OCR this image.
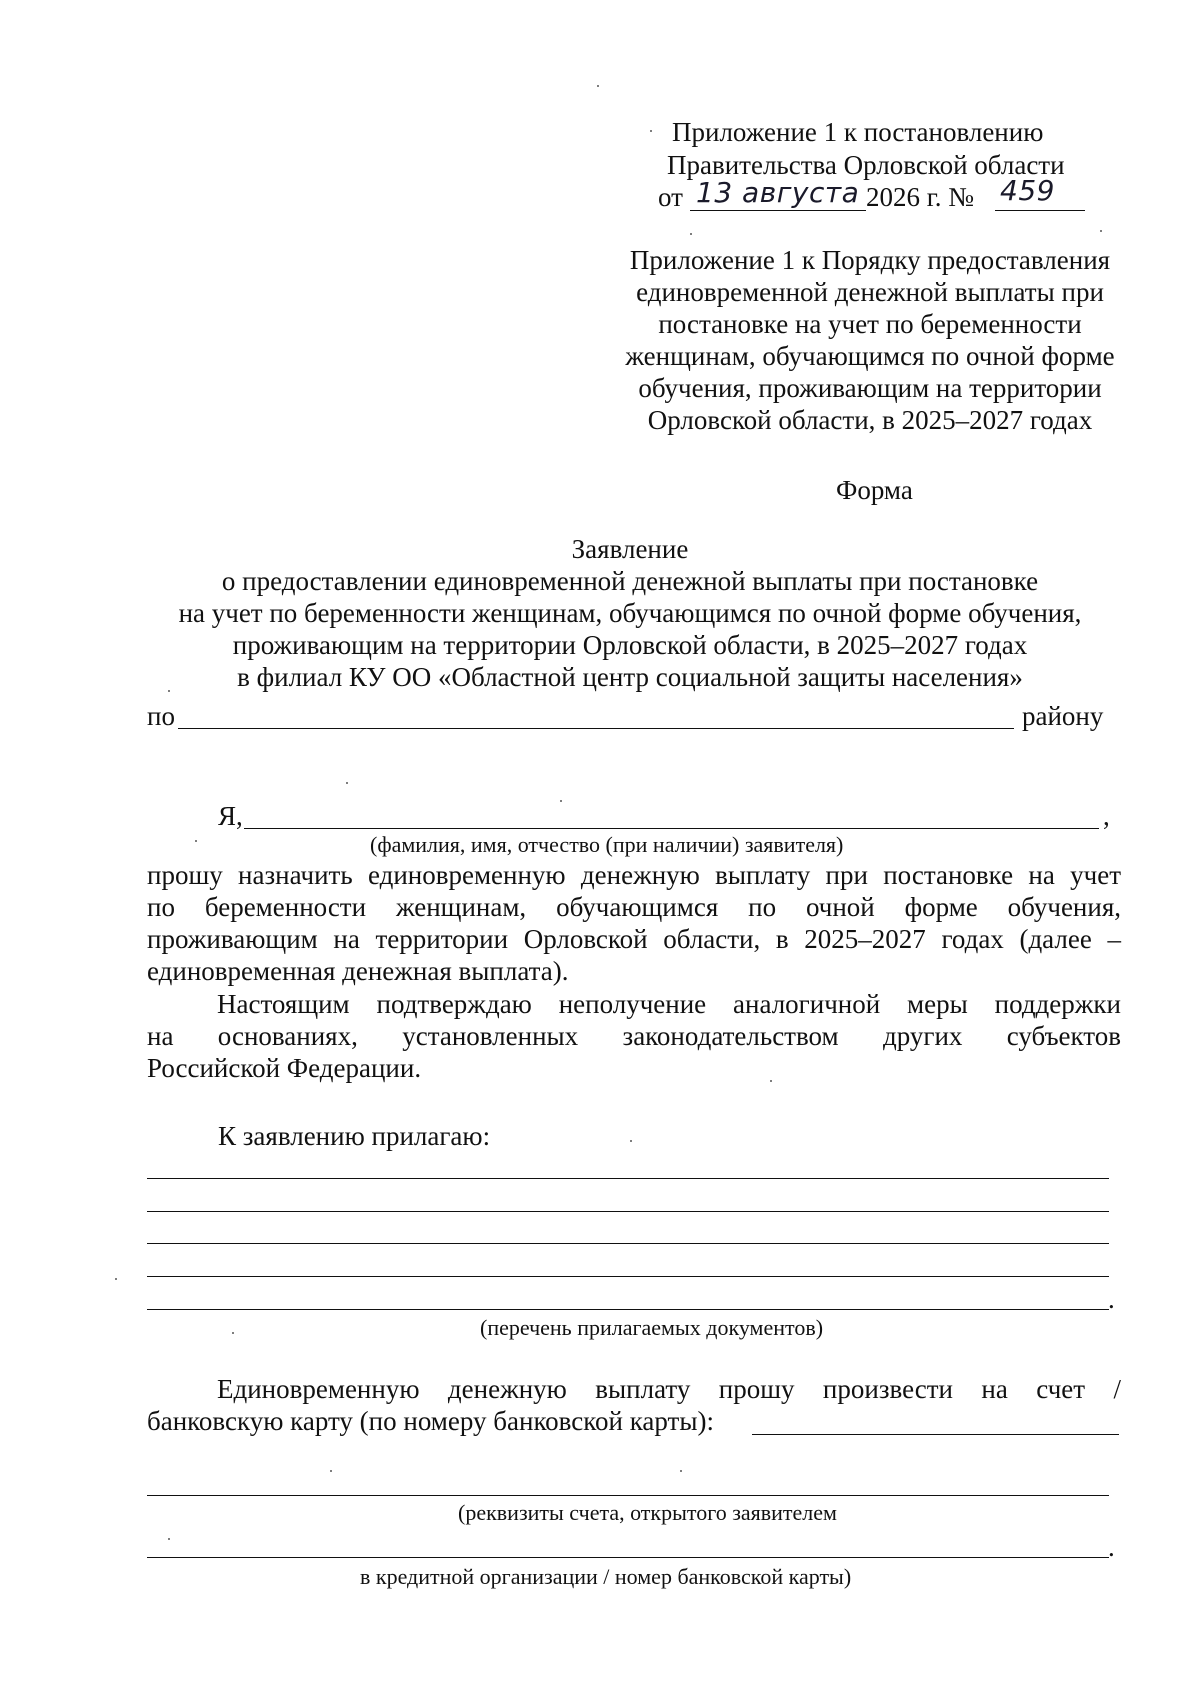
Приложение 1 к постановлению
Правительства Орловской области
от 13 августа 2026 г. № 459
Приложение 1 к Порядку предоставления
единовременной денежной выплаты при
постановке на учет по беременности
женщинам, обучающимся по очной форме
обучения, проживающим на территории
Орловской области, в 2025–2027 годах
Форма
Заявление
о предоставлении единовременной денежной выплаты при постановке
на учет по беременности женщинам, обучающимся по очной форме обучения,
проживающим на территории Орловской области, в 2025–2027 годах
в филиал КУ ОО «Областной центр социальной защиты населения»
по	району
Я,	,
(фамилия, имя, отчество (при наличии) заявителя)
прошу назначить единовременную денежную выплату при постановке на учет
по беременности женщинам, обучающимся по очной форме обучения,
проживающим на территории Орловской области, в 2025–2027 годах (далее –
единовременная денежная выплата).
Настоящим подтверждаю неполучение аналогичной меры поддержки
на основаниях, установленных законодательством других субъектов
Российской Федерации.
К заявлению прилагаю:
.
(перечень прилагаемых документов)
Единовременную денежную выплату прошу произвести на счет /
банковскую карту (по номеру банковской карты):
(реквизиты счета, открытого заявителем
.
в кредитной организации / номер банковской карты)
